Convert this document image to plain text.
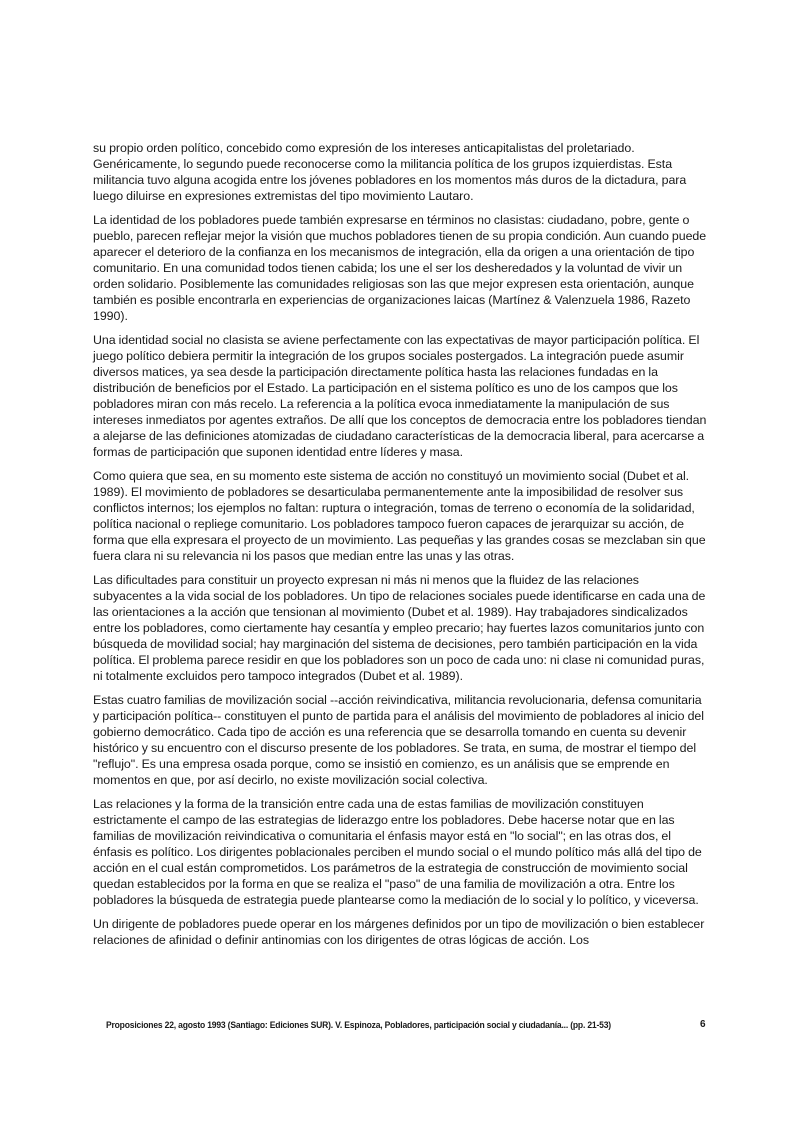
su propio orden político, concebido como expresión de los intereses anticapitalistas del proletariado. Genéricamente, lo segundo puede reconocerse como la militancia política de los grupos izquierdistas. Esta militancia tuvo alguna acogida entre los jóvenes pobladores en los momentos más duros de la dictadura, para luego diluirse en expresiones extremistas del tipo movimiento Lautaro.

La identidad de los pobladores puede también expresarse en términos no clasistas: ciudadano, pobre, gente o pueblo, parecen reflejar mejor la visión que muchos pobladores tienen de su propia condición. Aun cuando puede aparecer el deterioro de la confianza en los mecanismos de integración, ella da origen a una orientación de tipo comunitario. En una comunidad todos tienen cabida; los une el ser los desheredados y la voluntad de vivir un orden solidario. Posiblemente las comunidades religiosas son las que mejor expresen esta orientación, aunque también es posible encontrarla en experiencias de organizaciones laicas (Martínez & Valenzuela 1986, Razeto 1990).

Una identidad social no clasista se aviene perfectamente con las expectativas de mayor participación política. El juego político debiera permitir la integración de los grupos sociales postergados. La integración puede asumir diversos matices, ya sea desde la participación directamente política hasta las relaciones fundadas en la distribución de beneficios por el Estado. La participación en el sistema político es uno de los campos que los pobladores miran con más recelo. La referencia a la política evoca inmediatamente la manipulación de sus intereses inmediatos por agentes extraños. De allí que los conceptos de democracia entre los pobladores tiendan a alejarse de las definiciones atomizadas de ciudadano características de la democracia liberal, para acercarse a formas de participación que suponen identidad entre líderes y masa.

Como quiera que sea, en su momento este sistema de acción no constituyó un movimiento social (Dubet et al. 1989). El movimiento de pobladores se desarticulaba permanentemente ante la imposibilidad de resolver sus conflictos internos; los ejemplos no faltan: ruptura o integración, tomas de terreno o economía de la solidaridad, política nacional o repliege comunitario. Los pobladores tampoco fueron capaces de jerarquizar su acción, de forma que ella expresara el proyecto de un movimiento. Las pequeñas y las grandes cosas se mezclaban sin que fuera clara ni su relevancia ni los pasos que median entre las unas y las otras.

Las dificultades para constituir un proyecto expresan ni más ni menos que la fluidez de las relaciones subyacentes a la vida social de los pobladores. Un tipo de relaciones sociales puede identificarse en cada una de las orientaciones a la acción que tensionan al movimiento (Dubet et al. 1989). Hay trabajadores sindicalizados entre los pobladores, como ciertamente hay cesantía y empleo precario; hay fuertes lazos comunitarios junto con búsqueda de movilidad social; hay marginación del sistema de decisiones, pero también participación en la vida política. El problema parece residir en que los pobladores son un poco de cada uno: ni clase ni comunidad puras, ni totalmente excluidos pero tampoco integrados (Dubet et al. 1989).

Estas cuatro familias de movilización social --acción reivindicativa, militancia revolucionaria, defensa comunitaria y participación política-- constituyen el punto de partida para el análisis del movimiento de pobladores al inicio del gobierno democrático. Cada tipo de acción es una referencia que se desarrolla tomando en cuenta su devenir histórico y su encuentro con el discurso presente de los pobladores. Se trata, en suma, de mostrar el tiempo del "reflujo". Es una empresa osada porque, como se insistió en comienzo, es un análisis que se emprende en momentos en que, por así decirlo, no existe movilización social colectiva.

Las relaciones y la forma de la transición entre cada una de estas familias de movilización constituyen estrictamente el campo de las estrategias de liderazgo entre los pobladores. Debe hacerse notar que en las familias de movilización reivindicativa o comunitaria el énfasis mayor está en "lo social"; en las otras dos, el énfasis es político. Los dirigentes poblacionales perciben el mundo social o el mundo político más allá del tipo de acción en el cual están comprometidos. Los parámetros de la estrategia de construcción de movimiento social quedan establecidos por la forma en que se realiza el "paso" de una familia de movilización a otra. Entre los pobladores la búsqueda de estrategia puede plantearse como la mediación de lo social y lo político, y viceversa.

Un dirigente de pobladores puede operar en los márgenes definidos por un tipo de movilización o bien establecer relaciones de afinidad o definir antinomias con los dirigentes de otras lógicas de acción. Los

Proposiciones 22, agosto 1993 (Santiago: Ediciones SUR). V. Espinoza, Pobladores, participación social y ciudadanía... (pp. 21-53)	6
